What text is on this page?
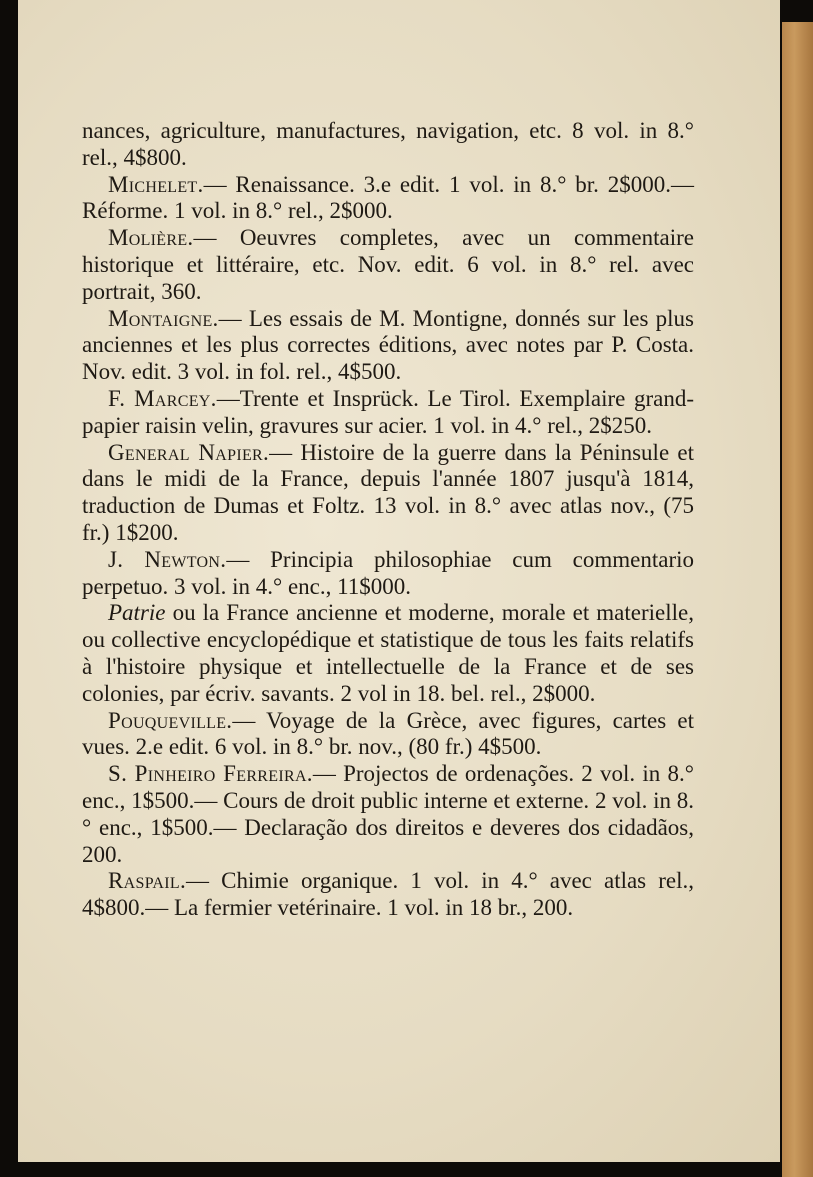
nances, agriculture, manufactures, navigation, etc. 8 vol. in 8.° rel., 4$800.

Michelet.— Renaissance. 3.e edit. 1 vol. in 8.° br. 2$000.— Réforme. 1 vol. in 8.° rel., 2$000.

Molière.— Oeuvres completes, avec un commentaire historique et littéraire, etc. Nov. edit. 6 vol. in 8.° rel. avec portrait, 360.

Montaigne.— Les essais de M. Montigne, donnés sur les plus anciennes et les plus correctes éditions, avec notes par P. Costa. Nov. edit. 3 vol. in fol. rel., 4$500.

F. Marcey.—Trente et Insprück. Le Tirol. Exemplaire grand-papier raisin velin, gravures sur acier. 1 vol. in 4.° rel., 2$250.

General Napier.— Histoire de la guerre dans la Péninsule et dans le midi de la France, depuis l'année 1807 jusqu'à 1814, traduction de Dumas et Foltz. 13 vol. in 8.° avec atlas nov., (75 fr.) 1$200.

J. Newton.— Principia philosophiae cum commentario perpetuo. 3 vol. in 4.° enc., 11$000.

Patrie ou la France ancienne et moderne, morale et materielle, ou collective encyclopédique et statistique de tous les faits relatifs à l'histoire physique et intellectuelle de la France et de ses colonies, par écriv. savants. 2 vol in 18. bel. rel., 2$000.

Pouqueville.— Voyage de la Grèce, avec figures, cartes et vues. 2.e edit. 6 vol. in 8.° br. nov., (80 fr.) 4$500.

S. Pinheiro Ferreira.— Projectos de ordenações. 2 vol. in 8.° enc., 1$500.— Cours de droit public interne et externe. 2 vol. in 8.° enc., 1$500.— Declaração dos direitos e deveres dos cidadãos, 200.

Raspail.— Chimie organique. 1 vol. in 4.° avec atlas rel., 4$800.— La fermier vetérinaire. 1 vol. in 18 br., 200.
